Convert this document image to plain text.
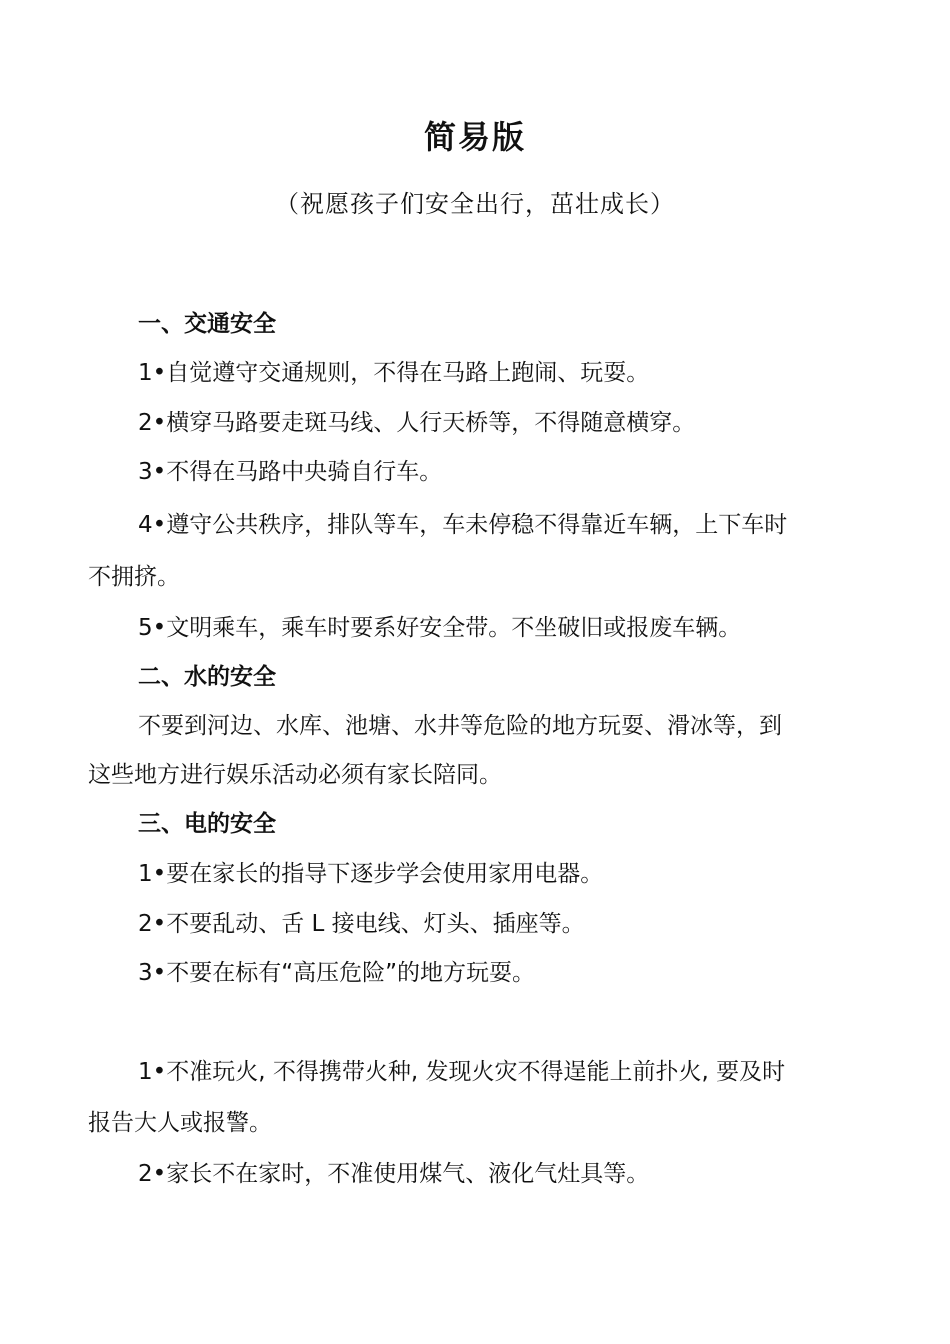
简易版
（祝愿孩子们安全出行，茁壮成长）
一、交通安全
1•自觉遵守交通规则，不得在马路上跑闹、玩耍。
2•横穿马路要走斑马线、人行天桥等，不得随意横穿。
3•不得在马路中央骑自行车。
4•遵守公共秩序，排队等车，车未停稳不得靠近车辆，上下车时
不拥挤。
5•文明乘车，乘车时要系好安全带。不坐破旧或报废车辆。
二、水的安全
不要到河边、水库、池塘、水井等危险的地方玩耍、滑冰等，到
这些地方进行娱乐活动必须有家长陪同。
三、电的安全
1•要在家长的指导下逐步学会使用家用电器。
2•不要乱动、舌 L 接电线、灯头、插座等。
3•不要在标有“高压危险”的地方玩耍。
1•不准玩火, 不得携带火种, 发现火灾不得逞能上前扑火, 要及时
报告大人或报警。
2•家长不在家时，不准使用煤气、液化气灶具等。
